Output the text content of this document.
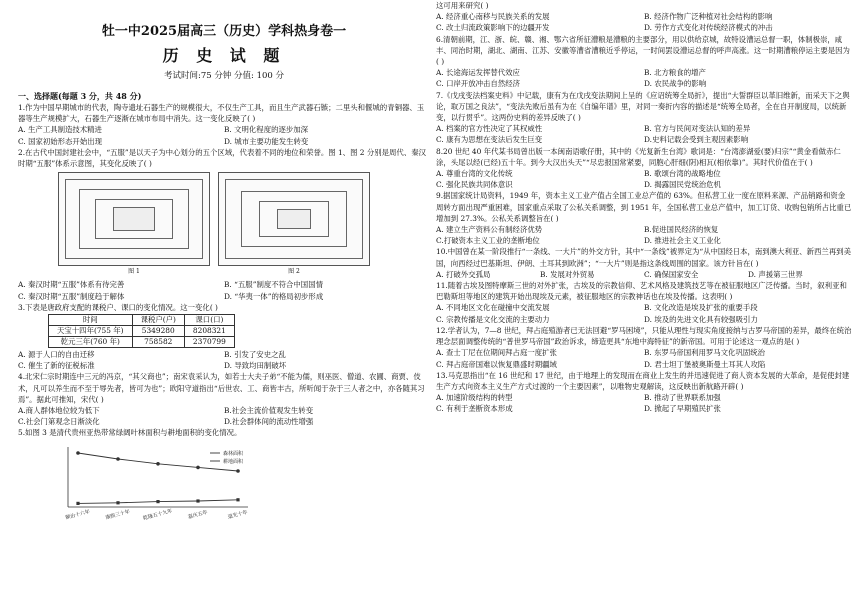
牡一中2025届高三（历史）学科热身卷一
历 史 试 题
考试时间:75 分钟 分值: 100 分
一、选择题(每题 3 分，共 48 分)

1.作为中国早期城市的代表，陶寺遗址石器生产的规模很大，不仅生产工具，而且生产武器石镞；二里头和偃城的青铜器、玉器等生产规模扩大，石器生产逐渐在城市布局中消失。这一变化反映了( )

A. 生产工具制造技术精进	B. 文明化程度的逐步加深
C. 国家初始形态开始出现	D. 城市主要功能发生转变

2.在古代中国封建社会中，“五服”是以天子为中心划分的五个区域，代表着不同的地位和荣誉。图 1、图 2 分别是周代、秦汉时期“五服”体系示意图，其变化反映了( )

图 1	图 2
A. 秦汉时期“五服”体系有待完善	B. “五服”制度不符合中国国情
C. 秦汉时期“五服”制度趋于解体	D. “华夷一体”的格局初步形成

3.下表是唐政府支配的课税户、课口的变化情况。这一变化( )

时间	课税户(户)	课口(口)
天宝十四年(755 年)	5349280	8208321
乾元三年(760 年)	758582	2370799
A. 源于人口的自由迁移	B. 引发了安史之乱
C. 催生了新的征税标准	D. 导致均田制破坏

4.北宋仁宗时期连中三元的冯京，“其父商也”；南宋袁采认为，如若士大夫子弟“不能为儒，则巫医、僧道、农圃、商贾、伎术，凡可以养生而不至于辱先者，皆可为也”；欧阳守道指出“后世农、工、商皆丰古，所听闻于杂于三人者之中，亦各随其习焉”。据此可推知，宋代( )

A.商人群体地位较为低下	B.社会主流价值观发生转变
C.社会门第观念日渐淡化	D.社会群体间的流动性增强

5.如图 3 是清代贵州亚热带常绿阔叶林面积与耕地面积的变化情况。

顺治十六年	康熙三十年 乾隆五十九年	嘉庆五年	道光十年
森林面积
耕地面积

这可用来研究( )

A. 经济重心南移与民族关系的发展	B. 经济作物广泛种植对社会结构的影响
C. 改土归流政策影响下的边疆开发	D. 劳作方式变化对传统经济模式的冲击

6.清朝前期，江、浙、皖、赣、湘、鄂六省所征漕粮是漕粮的主要部分，用以供给京城，故特设漕运总督一职，体制极崇，咸丰、同治时期，湖北、湖南、江苏、安徽等漕省漕粮近乎停运，一时间罢设漕运总督的呼声高涨。这一时期漕粮停运主要是因为( )

A. 长途海运发挥替代效应	B. 北方粮食的增产
C. 口岸开放冲击自然经济	D. 农民战争的影响

7.《戊戌变法档案史料》中记载，康有为在戊戌变法期间上呈的《应诏统筹全局折》，提出“大誓群臣以革旧维新，而采天下之舆论，取万国之良法”，“变法先败后虽有为在《自编年谱》里，对同一奏折内容的描述是“统筹全局者，全在自开制度局，以统新变，以行贯乎”。这两份史料的差异反映了( )

A. 档案的官方性决定了其权威性	B. 官方与民间对变法认知的差异
C. 康有为思想在变法后发生巨变	D.史料记载会受到主观因素影响

8.20 世纪 40 年代某书局曾出版一本闽南语歌仔册，其中的《光复新生台湾》歌词是：“台湾澎湖爱(要)归宗”“黄金看做赤仁涂，头尾以经(已经)五十年。到今大汉出头天”“尽忠报国常紧要，同胞心肝细(阴)相瓦(相依靠)”。其时代价值在于( )

A. 尊重台湾的文化传统	B. 歌颂台湾的战略地位
C. 强化民族共同体意识	D. 揭露国民党统治危机

9.据国家统计局资料，1949 年，资本主义工业产值占全国工业总产值的 63%。但私营工业一度在原料来源、产品销路和资金周转方面出现严重困难，国家重点采取了公私关系调整，到 1951 年，全国私营工业总产值中，加工订货、收购包销所占比重已增加到 27.3%。公私关系调整旨在( )

A. 建立生产资料公有制经济优势	B.促进国民经济的恢复
C.打破资本主义工业的垄断地位	D. 推进社会主义工业化

10.中国曾在某一阶段推行“一条线、一大片”的外交方针，其中“一条线”被界定为“从中国经日本，南到澳大利亚、新西兰再到美国，向西经过巴基斯坦、伊朗、土耳其到欧洲”；“一大片”则是指这条线周围的国家。该方针旨在( )

A. 打破外交孤局	B. 发展对外贸易	C. 确保国家安全	D. 声援第三世界

11.随着古埃及图特摩斯三世的对外扩张，古埃及的宗教信仰、艺术风格及建筑技艺等在被征服地区广泛传播。当时，叙利亚和巴勒斯坦等地区的建筑开始出现埃及元素，被征服地区的宗教神话也在埃及传播。这表明( )

A. 不同地区文化在碰撞中交流发展	B. 文化改造是埃及扩张的重要手段
C. 宗教传播是文化交流的主要动力	D. 埃及的先进文化具有较强吸引力

12.学者认为，7—8 世纪，拜占庭殖游者已无法回避“罗马困境”，只能从理性与现实角度接纳与古罗马帝国的差异，最终在统治理念层面调整传统的“普世罗马帝国”政治诉求，缔造更具“东地中海特征”的新帝国。可用于论述这一观点的是( )

A. 查士丁尼在位期间拜占庭一度扩张	B. 东罗马帝国利用罗马文化巩固统治
C. 拜占庭帝国难以恢复鼎盛时期疆域	D. 君士坦丁堡被奥斯曼土耳其人攻陷

13.马克思指出“在 16 世纪和 17 世纪，由于地理上的发现而在商业上发生的并迅速促进了商人资本发展的大革命，是促使封建生产方式向资本主义生产方式过渡的一个主要因素”，以唯物史观解读，这反映出新航路开辟( )

A. 加速阶级结构的转型	B. 推动了世界联系加强
C. 有利于垄断资本形成	D. 掀起了早期殖民扩张
